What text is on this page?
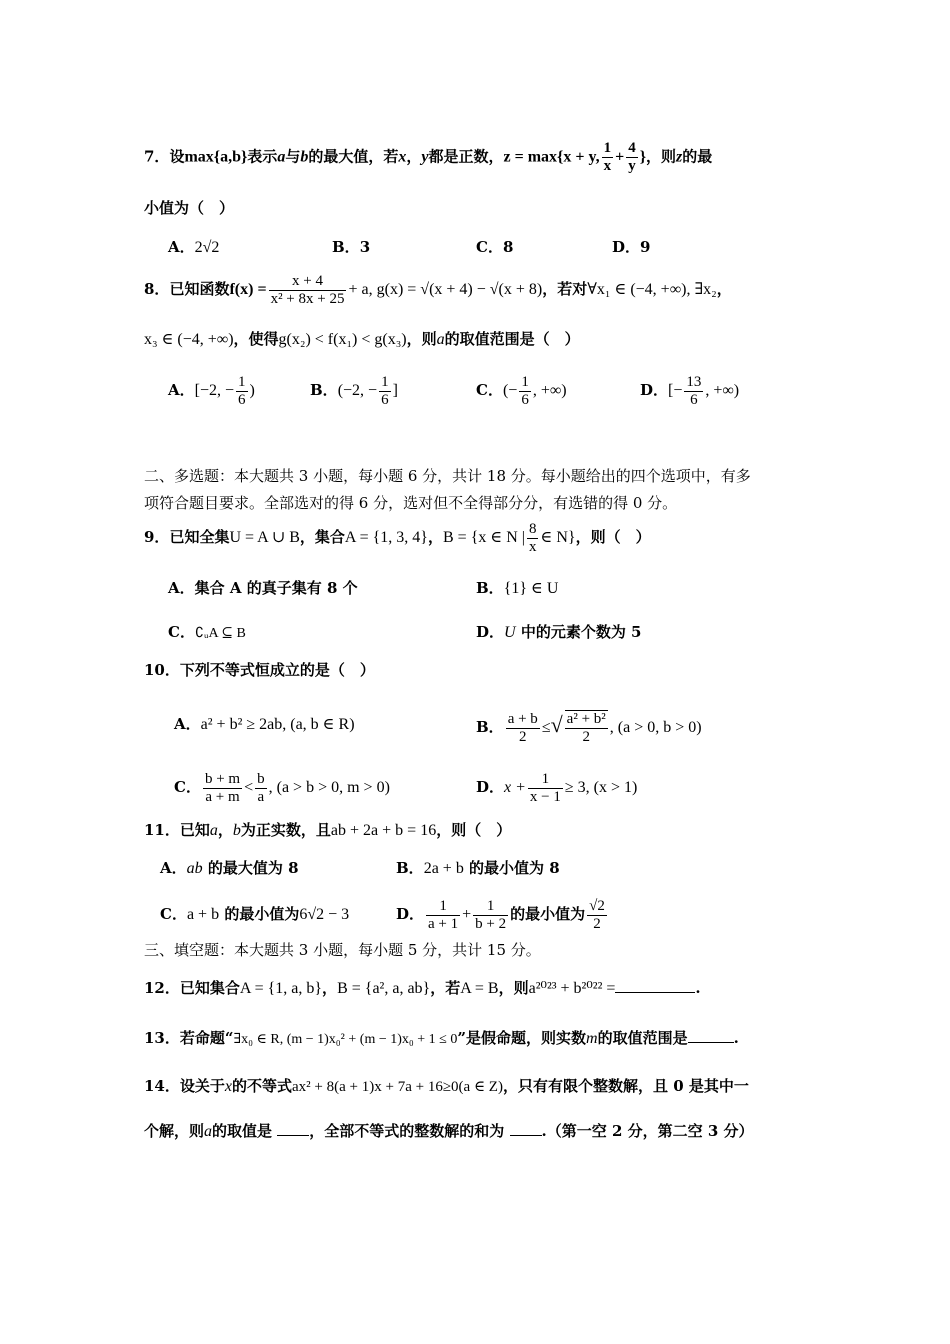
7．设max{a,b}表示a与b的最大值，若x，y都是正数，z = max{x + y, $\frac{1}{x} + \frac{4}{y}$ }，则z的最
小值为（　）
A．2√2	B．3	C．8	D．9
8．已知函数$f(x) = \frac{x + 4}{\text{x² + 8x + 25}} + a$, g(x) = √(x + 4) − √(x + 8)，若对∀x₁ ∈ (−4, +∞), ∃x₂，
x₃ ∈ (−4, +∞)，使得g(x₂) < f(x₁) < g(x₃)，则a的取值范围是（　）
A．[−2, − $\frac{1}{6}$ )	B．(−2, − $\frac{1}{6}$ ]	C．(− $\frac{1}{6}$ , +∞)	D．[− $\frac{13}{6}$ , +∞)
二、多选题：本大题共 3 小题，每小题 6 分，共计 18 分。每小题给出的四个选项中，有多
项符合题目要求。全部选对的得 6 分，选对但不全得部分分，有选错的得 0 分。
9．已知全集U = A ∪ B，集合A = {1, 3, 4}，B = {x ∈ N | $\frac{8}{x}$ ∈ N}，则（　）
A．集合 A 的真子集有 8 个	B．{1} ∈ U
C．∁ᵤA ⊆ B	D．U 中的元素个数为 5
10．下列不等式恒成立的是（　）
A．a² + b² ≥ 2ab, (a, b ∈ R)	B． $\frac{a + b}{2}$ ≤√ $\frac{\text{a² + b²}}{2}$ , (a > 0, b > 0)
C． $\frac{b + m}{a + m} < \frac{b}{a}$ , (a > b > 0, m > 0)	D．$x + \frac{1}{x - 1} \ge 3$, (x > 1)
11．已知a，b为正实数，且ab + 2a + b = 16，则（　）
A．ab 的最大值为 8	B．2a + b 的最小值为 8
C．a + b 的最小值为6√2 − 3	D． $\frac{1}{a + 1} + \frac{1}{b + 2}$ 的最小值为 $\frac{√2}{2}$
三、填空题：本大题共 3 小题，每小题 5 分，共计 15 分。
12．已知集合A = {1, a, b}，B = {a², a, ab}，若A = B，则a²⁰²³ + b²⁰²² =	.
13．若命题“∃x₀ ∈ R, (m − 1)x₀² + (m − 1)x₀ + 1 ≤ 0”是假命题，则实数m的取值范围是	.
14．设关于x的不等式ax² + 8(a + 1)x + 7a + 16≥0(a ∈ Z)，只有有限个整数解，且 0 是其中一
个解，则a的取值是 ，全部不等式的整数解的和为 .（第一空 2 分，第二空 3 分）
